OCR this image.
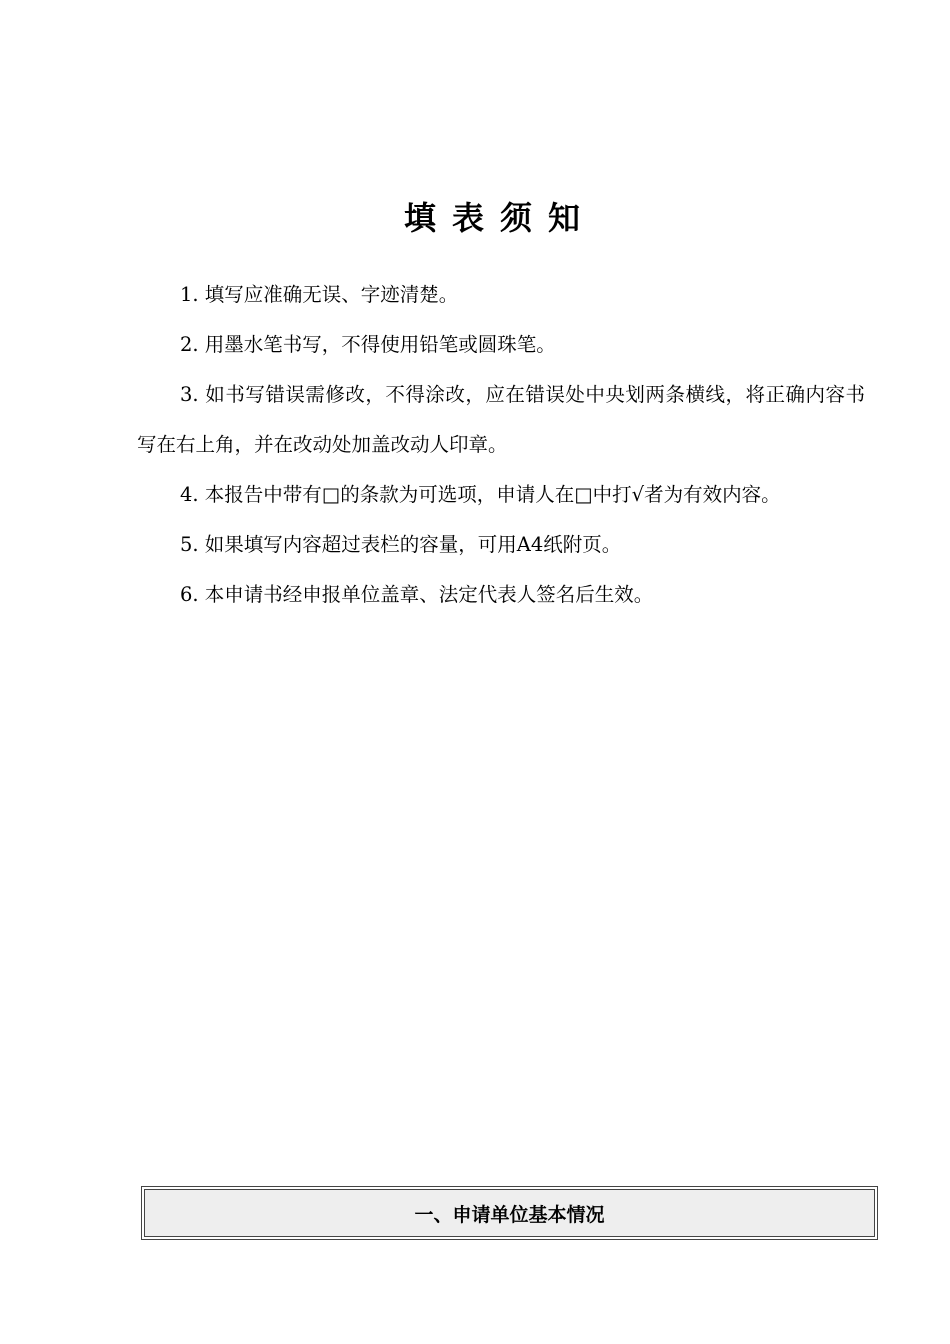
填表须知

1. 填写应准确无误、字迹清楚。

2. 用墨水笔书写，不得使用铅笔或圆珠笔。

3. 如书写错误需修改，不得涂改，应在错误处中央划两条横线，将正确内容书写在右上角，并在改动处加盖改动人印章。

4. 本报告中带有□的条款为可选项，申请人在□中打√者为有效内容。

5. 如果填写内容超过表栏的容量，可用A4纸附页。

6. 本申请书经申报单位盖章、法定代表人签名后生效。

一、申请单位基本情况
